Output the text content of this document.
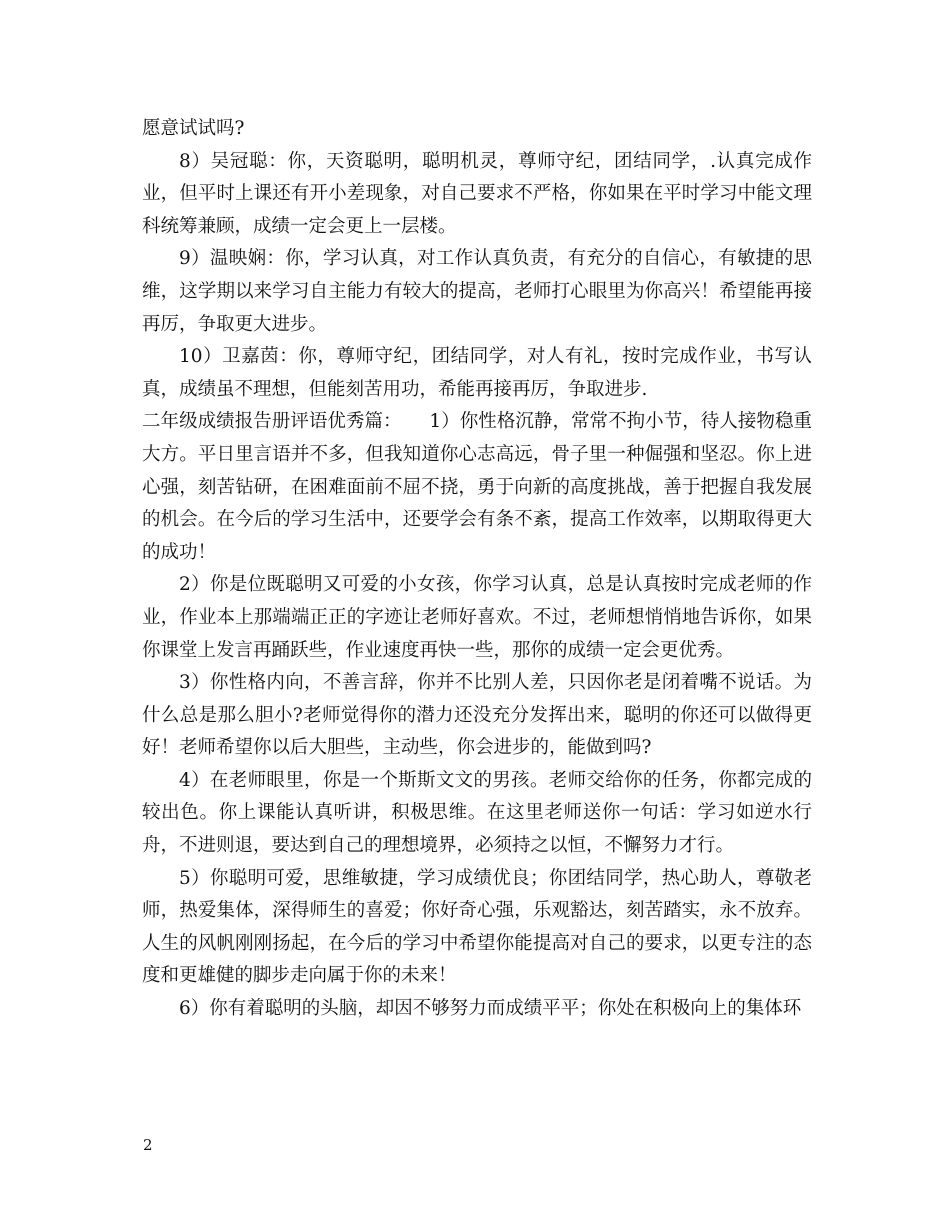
愿意试试吗?

8）吴冠聪：你，天资聪明，聪明机灵，尊师守纪，团结同学，.认真完成作业，但平时上课还有开小差现象，对自己要求不严格，你如果在平时学习中能文理科统筹兼顾，成绩一定会更上一层楼。

9）温映娴：你，学习认真，对工作认真负责，有充分的自信心，有敏捷的思维，这学期以来学习自主能力有较大的提高，老师打心眼里为你高兴！希望能再接再厉，争取更大进步。

10）卫嘉茵：你，尊师守纪，团结同学，对人有礼，按时完成作业，书写认真，成绩虽不理想，但能刻苦用功，希能再接再厉，争取进步.

二年级成绩报告册评语优秀篇：　　1）你性格沉静，常常不拘小节，待人接物稳重大方。平日里言语并不多，但我知道你心志高远，骨子里一种倔强和坚忍。你上进心强，刻苦钻研，在困难面前不屈不挠，勇于向新的高度挑战，善于把握自我发展的机会。在今后的学习生活中，还要学会有条不紊，提高工作效率，以期取得更大的成功！

2）你是位既聪明又可爱的小女孩，你学习认真，总是认真按时完成老师的作业，作业本上那端端正正的字迹让老师好喜欢。不过，老师想悄悄地告诉你，如果你课堂上发言再踊跃些，作业速度再快一些，那你的成绩一定会更优秀。

3）你性格内向，不善言辞，你并不比别人差，只因你老是闭着嘴不说话。为什么总是那么胆小?老师觉得你的潜力还没充分发挥出来，聪明的你还可以做得更好！老师希望你以后大胆些，主动些，你会进步的，能做到吗?

4）在老师眼里，你是一个斯斯文文的男孩。老师交给你的任务，你都完成的较出色。你上课能认真听讲，积极思维。在这里老师送你一句话：学习如逆水行舟，不进则退，要达到自己的理想境界，必须持之以恒，不懈努力才行。

5）你聪明可爱，思维敏捷，学习成绩优良；你团结同学，热心助人，尊敬老师，热爱集体，深得师生的喜爱；你好奇心强，乐观豁达，刻苦踏实，永不放弃。人生的风帆刚刚扬起，在今后的学习中希望你能提高对自己的要求，以更专注的态度和更雄健的脚步走向属于你的未来！

6）你有着聪明的头脑，却因不够努力而成绩平平；你处在积极向上的集体环

2
